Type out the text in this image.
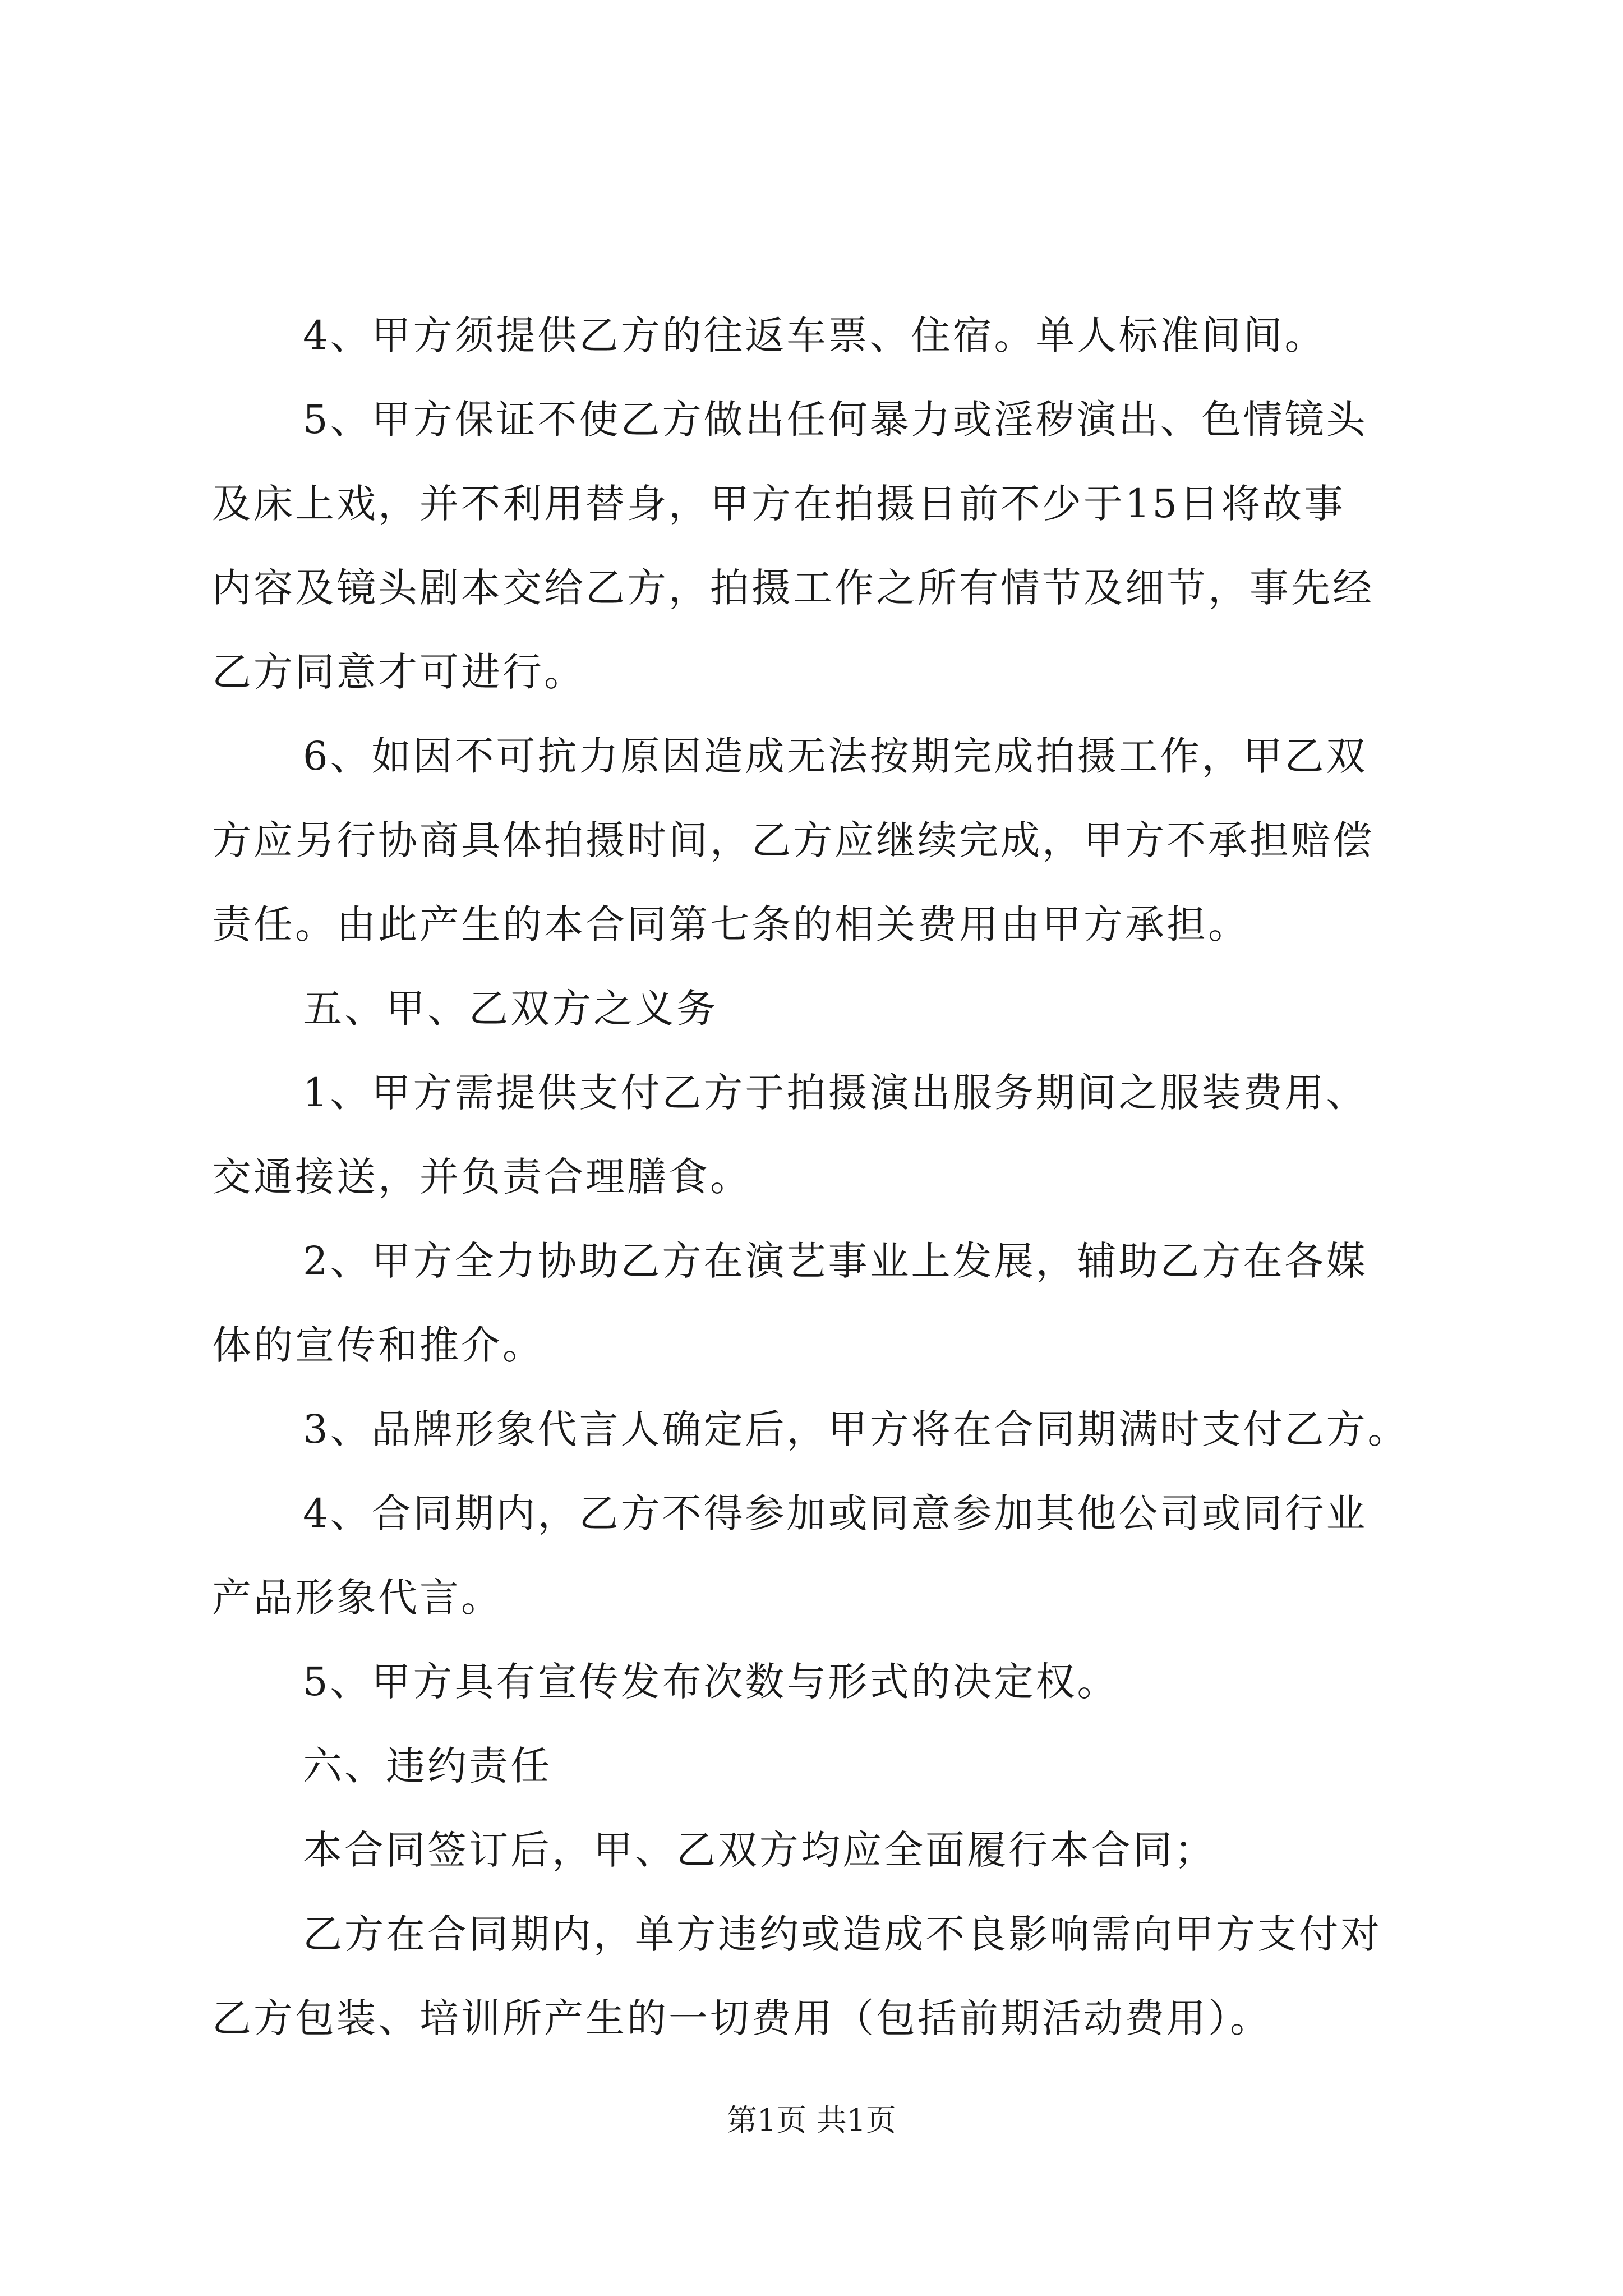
4、甲方须提供乙方的往返车票、住宿。单人标准间间。

5、甲方保证不使乙方做出任何暴力或淫秽演出、色情镜头

及床上戏，并不利用替身，甲方在拍摄日前不少于15日将故事

内容及镜头剧本交给乙方，拍摄工作之所有情节及细节，事先经

乙方同意才可进行。

6、如因不可抗力原因造成无法按期完成拍摄工作，甲乙双

方应另行协商具体拍摄时间，乙方应继续完成，甲方不承担赔偿

责任。由此产生的本合同第七条的相关费用由甲方承担。

五、甲、乙双方之义务

1、甲方需提供支付乙方于拍摄演出服务期间之服装费用、

交通接送，并负责合理膳食。

2、甲方全力协助乙方在演艺事业上发展，辅助乙方在各媒

体的宣传和推介。

3、品牌形象代言人确定后，甲方将在合同期满时支付乙方。

4、合同期内，乙方不得参加或同意参加其他公司或同行业

产品形象代言。

5、甲方具有宣传发布次数与形式的决定权。

六、违约责任

本合同签订后，甲、乙双方均应全面履行本合同；

乙方在合同期内，单方违约或造成不良影响需向甲方支付对

乙方包装、培训所产生的一切费用（包括前期活动费用）。

第1页 共1页
